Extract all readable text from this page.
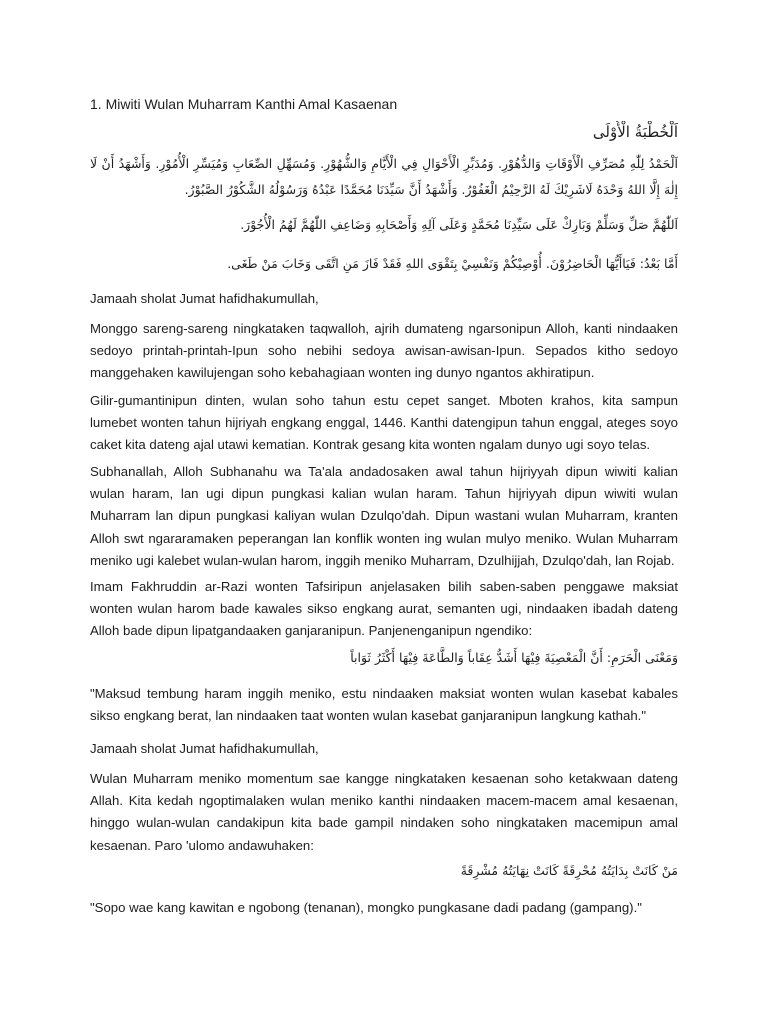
1. Miwiti Wulan Muharram Kanthi Amal Kasaenan
اَلْخُطْبَةُ الْأُوْلَى
اَلْحَمْدُ لِلّٰهِ مُصَرِّفِ الْأَوْقَاتِ وَالدُّهُوْرِ. وَمُدَبِّرِ الْأَحْوَالِ فِي الْأَيَّامِ وَالشُّهُوْرِ. وَمُسَهِّلِ الصِّعَابِ وَمُيَسِّرِ الْأُمُوْرِ. وَأَشْهَدُ أَنْ لَا إِلٰهَ إِلَّا اللهُ وَحْدَهُ لَاشَرِيْكَ لَهُ الرَّحِيْمُ الْغَفُوْرُ. وَأَشْهَدُ أَنَّ سَيِّدَنَا مُحَمَّدًا عَبْدُهُ وَرَسُوْلُهُ الشَّكُوْرُ الصَّبُوْرُ.
اَللّٰهُمَّ صَلِّ وَسَلِّمْ وَبَارِكْ عَلَى سَيِّدِنَا مُحَمَّدٍ وَعَلَى آلِهِ وَأَصْحَابِهِ وَضَاعِفِ اللّٰهُمَّ لَهُمُ الْأُجُوْرَ.
أَمَّا بَعْدُ: فَيَاأَيُّهَا الْحَاضِرُوْنَ. أُوْصِيْكُمْ وَنَفْسِيْ بِتَقْوَى اللهِ فَقَدْ فَازَ مَنِ اتَّقَى وَخَابَ مَنْ طَغَى.
Jamaah sholat Jumat hafidhakumullah,
Monggo sareng-sareng ningkataken taqwalloh, ajrih dumateng ngarsonipun Alloh, kanti nindaaken sedoyo printah-printah-Ipun soho nebihi sedoya awisan-awisan-Ipun. Sepados kitho sedoyo manggehaken kawilujengan soho kebahagiaan wonten ing dunyo ngantos akhiratipun.
Gilir-gumantinipun dinten, wulan soho tahun estu cepet sanget. Mboten krahos, kita sampun lumebet wonten tahun hijriyah engkang enggal, 1446. Kanthi datengipun tahun enggal, ateges soyo caket kita dateng ajal utawi kematian. Kontrak gesang kita wonten ngalam dunyo ugi soyo telas.
Subhanallah, Alloh Subhanahu wa Ta'ala andadosaken awal tahun hijriyyah dipun wiwiti kalian wulan haram, lan ugi dipun pungkasi kalian wulan haram. Tahun hijriyyah dipun wiwiti wulan Muharram lan dipun pungkasi kaliyan wulan Dzulqo'dah. Dipun wastani wulan Muharram, kranten Alloh swt ngararamaken peperangan lan konflik wonten ing wulan mulyo meniko. Wulan Muharram meniko ugi kalebet wulan-wulan harom, inggih meniko Muharram, Dzulhijjah, Dzulqo'dah, lan Rojab.
Imam Fakhruddin ar-Razi wonten Tafsiripun anjelasaken bilih saben-saben penggawe maksiat wonten wulan harom bade kawales sikso engkang aurat, semanten ugi, nindaaken ibadah dateng Alloh bade dipun lipatgandaaken ganjaranipun. Panjenenganipun ngendiko:
وَمَعْنَى الْحَرَمِ: أَنَّ الْمَعْصِيَةَ فِيْهَا أَشَدُّ عِقَاباً وَالطَّاعَةَ فِيْهَا أَكْثَرُ ثَوَاباً
"Maksud tembung haram inggih meniko, estu nindaaken maksiat wonten wulan kasebat kabales sikso engkang berat, lan nindaaken taat wonten wulan kasebat ganjaranipun langkung kathah."
Jamaah sholat Jumat hafidhakumullah,
Wulan Muharram meniko momentum sae kangge ningkataken kesaenan soho ketakwaan dateng Allah. Kita kedah ngoptimalaken wulan meniko kanthi nindaaken macem-macem amal kesaenan, hinggo wulan-wulan candakipun kita bade gampil nindaken soho ningkataken macemipun amal kesaenan. Paro 'ulomo andawuhaken:
مَنْ كَانَتْ بِدَايَتُهُ مُحْرِقَةً كَانَتْ نِهَايَتُهُ مُشْرِقَةً
"Sopo wae kang kawitan e ngobong (tenanan), mongko pungkasane dadi padang (gampang)."
